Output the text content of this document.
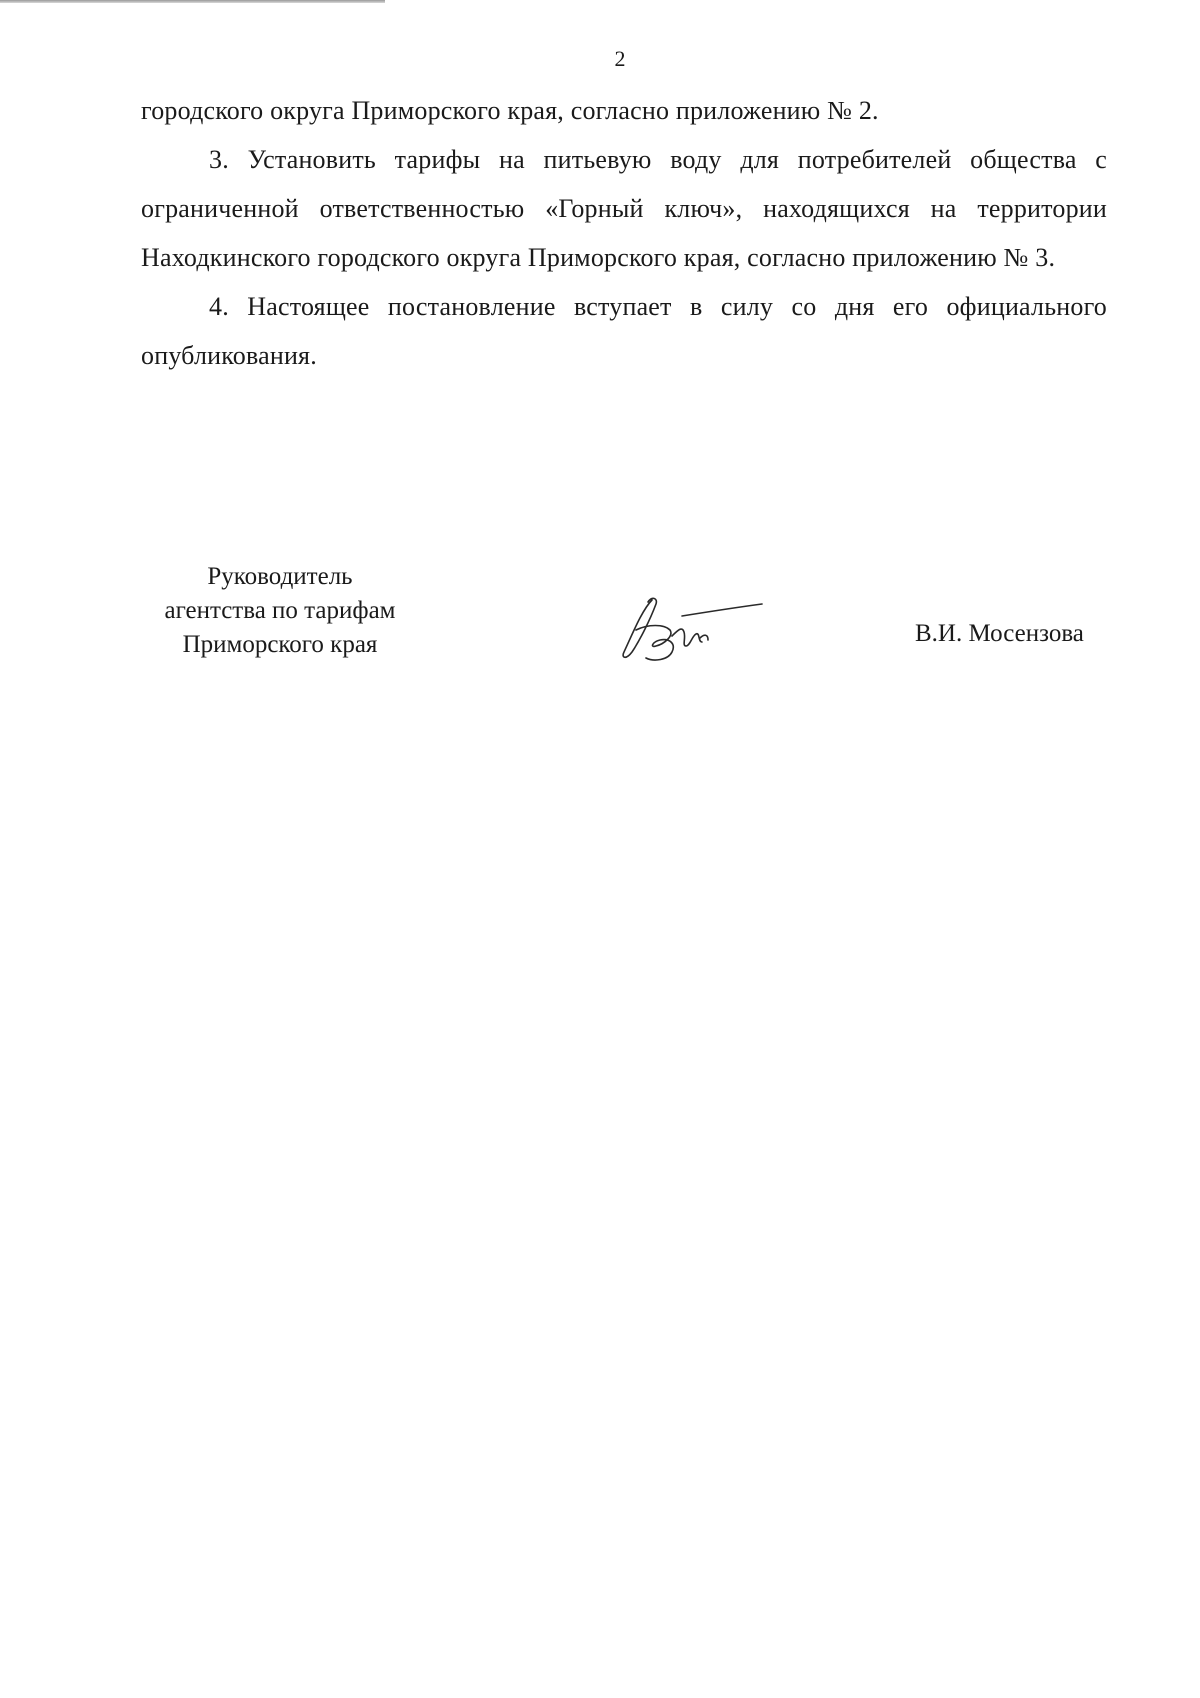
2

городского округа Приморского края, согласно приложению № 2.

3. Установить тарифы на питьевую воду для потребителей общества с ограниченной ответственностью «Горный ключ», находящихся на территории Находкинского городского округа Приморского края, согласно приложению № 3.

4. Настоящее постановление вступает в силу со дня его официального опубликования.

Руководитель
агентства по тарифам
Приморского края	В.И. Мосензова
